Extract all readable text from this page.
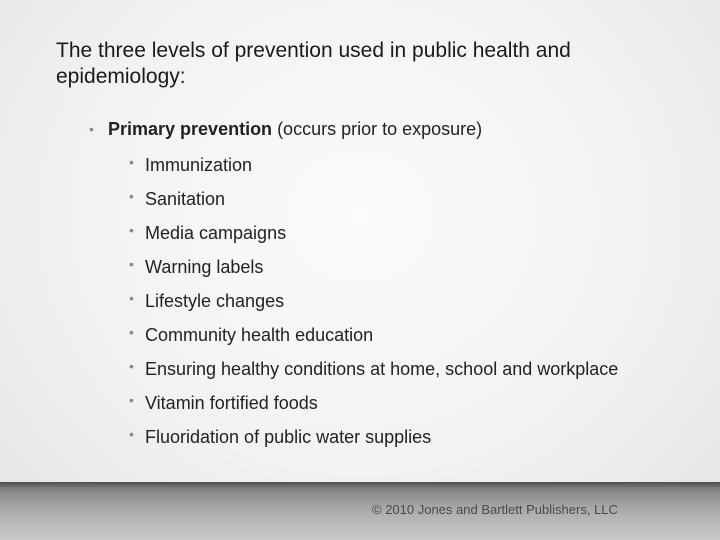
The three levels of prevention used in public health and epidemiology:
• Primary prevention (occurs prior to exposure)
• Immunization
• Sanitation
• Media campaigns
• Warning labels
• Lifestyle changes
• Community health education
• Ensuring healthy conditions at home, school and workplace
• Vitamin fortified foods
• Fluoridation of public water supplies
© 2010 Jones and Bartlett Publishers, LLC
